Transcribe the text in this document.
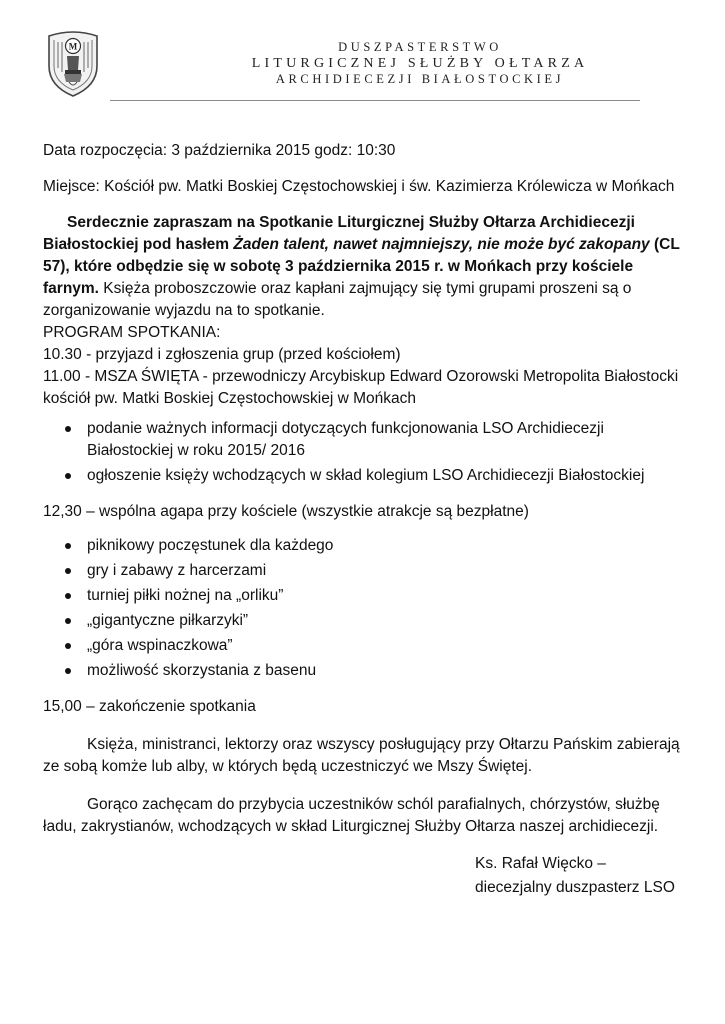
M	DUSZPASTERSTWO
LITURGICZNEJ SŁUŻBY OŁTARZA
ARCHIDIECEZJI BIAŁOSTOCKIEJ

Data rozpoczęcia: 3 października 2015 godz: 10:30

Miejsce: Kościół pw. Matki Boskiej Częstochowskiej i św. Kazimierza Królewicza w Mońkach

Serdecznie zapraszam na Spotkanie Liturgicznej Służby Ołtarza Archidiecezji Białostockiej pod hasłem Żaden talent, nawet najmniejszy, nie może być zakopany (CL 57), które odbędzie się w sobotę 3 października 2015 r. w Mońkach przy kościele farnym. Księża proboszczowie oraz kapłani zajmujący się tymi grupami proszeni są o zorganizowanie wyjazdu na to spotkanie.

PROGRAM SPOTKANIA:

10.30 - przyjazd i zgłoszenia grup (przed kościołem)

11.00 - MSZA ŚWIĘTA - przewodniczy Arcybiskup Edward Ozorowski Metropolita Białostocki kościół pw. Matki Boskiej Częstochowskiej w Mońkach

podanie ważnych informacji dotyczących funkcjonowania LSO Archidiecezji Białostockiej w roku 2015/ 2016
ogłoszenie księży wchodzących w skład kolegium LSO Archidiecezji Białostockiej

12,30 – wspólna agapa przy kościele (wszystkie atrakcje są bezpłatne)

piknikowy poczęstunek dla każdego
gry i zabawy z harcerzami
turniej piłki nożnej na „orliku”
„gigantyczne piłkarzyki”
„góra wspinaczkowa”
możliwość skorzystania z basenu

15,00 – zakończenie spotkania

Księża, ministranci, lektorzy oraz wszyscy posługujący przy Ołtarzu Pańskim zabierają ze sobą komże lub alby, w których będą uczestniczyć we Mszy Świętej.

Gorąco zachęcam do przybycia uczestników schól parafialnych, chórzystów, służbę ładu, zakrystianów, wchodzących w skład Liturgicznej Służby Ołtarza naszej archidiecezji.

Ks. Rafał Więcko –
diecezjalny duszpasterz LSO
